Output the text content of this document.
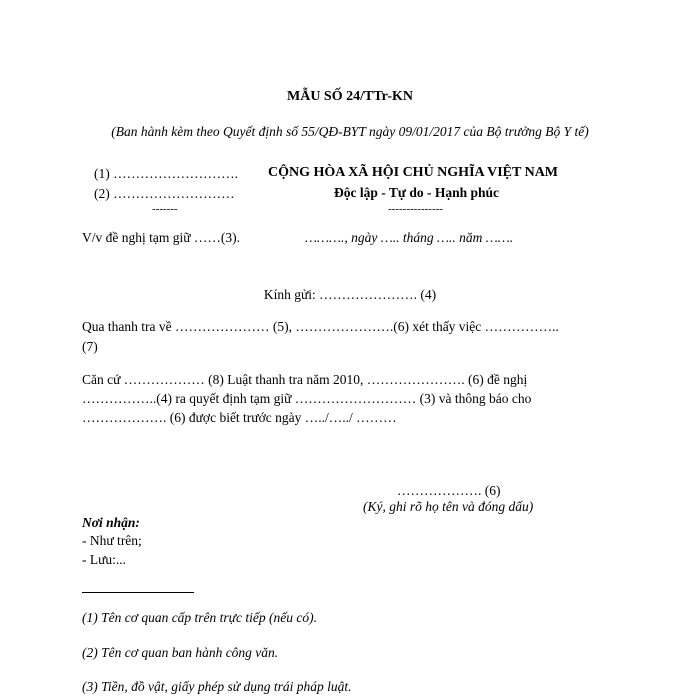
MẪU SỐ 24/TTr-KN
(Ban hành kèm theo Quyết định số 55/QĐ-BYT ngày 09/01/2017 của Bộ trưởng Bộ Y tế)
(1) ……………………….
(2) ………………………
-------
CỘNG HÒA XÃ HỘI CHỦ NGHĨA VIỆT NAM
Độc lập - Tự do - Hạnh phúc
---------------
V/v đề nghị tạm giữ ……(3).	………., ngày ….. tháng ….. năm …….
Kính gửi: …………………. (4)
Qua thanh tra về ………………… (5), ………………….(6) xét thấy việc ……………..
(7)
Căn cứ ……………… (8) Luật thanh tra năm 2010, …………………. (6) đề nghị
……………..(4) ra quyết định tạm giữ ……………………… (3) và thông báo cho
………………. (6) được biết trước ngày …../…../ ………
………………. (6)
(Ký, ghi rõ họ tên và đóng dấu)
Nơi nhận:
- Như trên;
- Lưu:...
(1) Tên cơ quan cấp trên trực tiếp (nếu có).
(2) Tên cơ quan ban hành công văn.
(3) Tiền, đồ vật, giấy phép sử dụng trái pháp luật.
